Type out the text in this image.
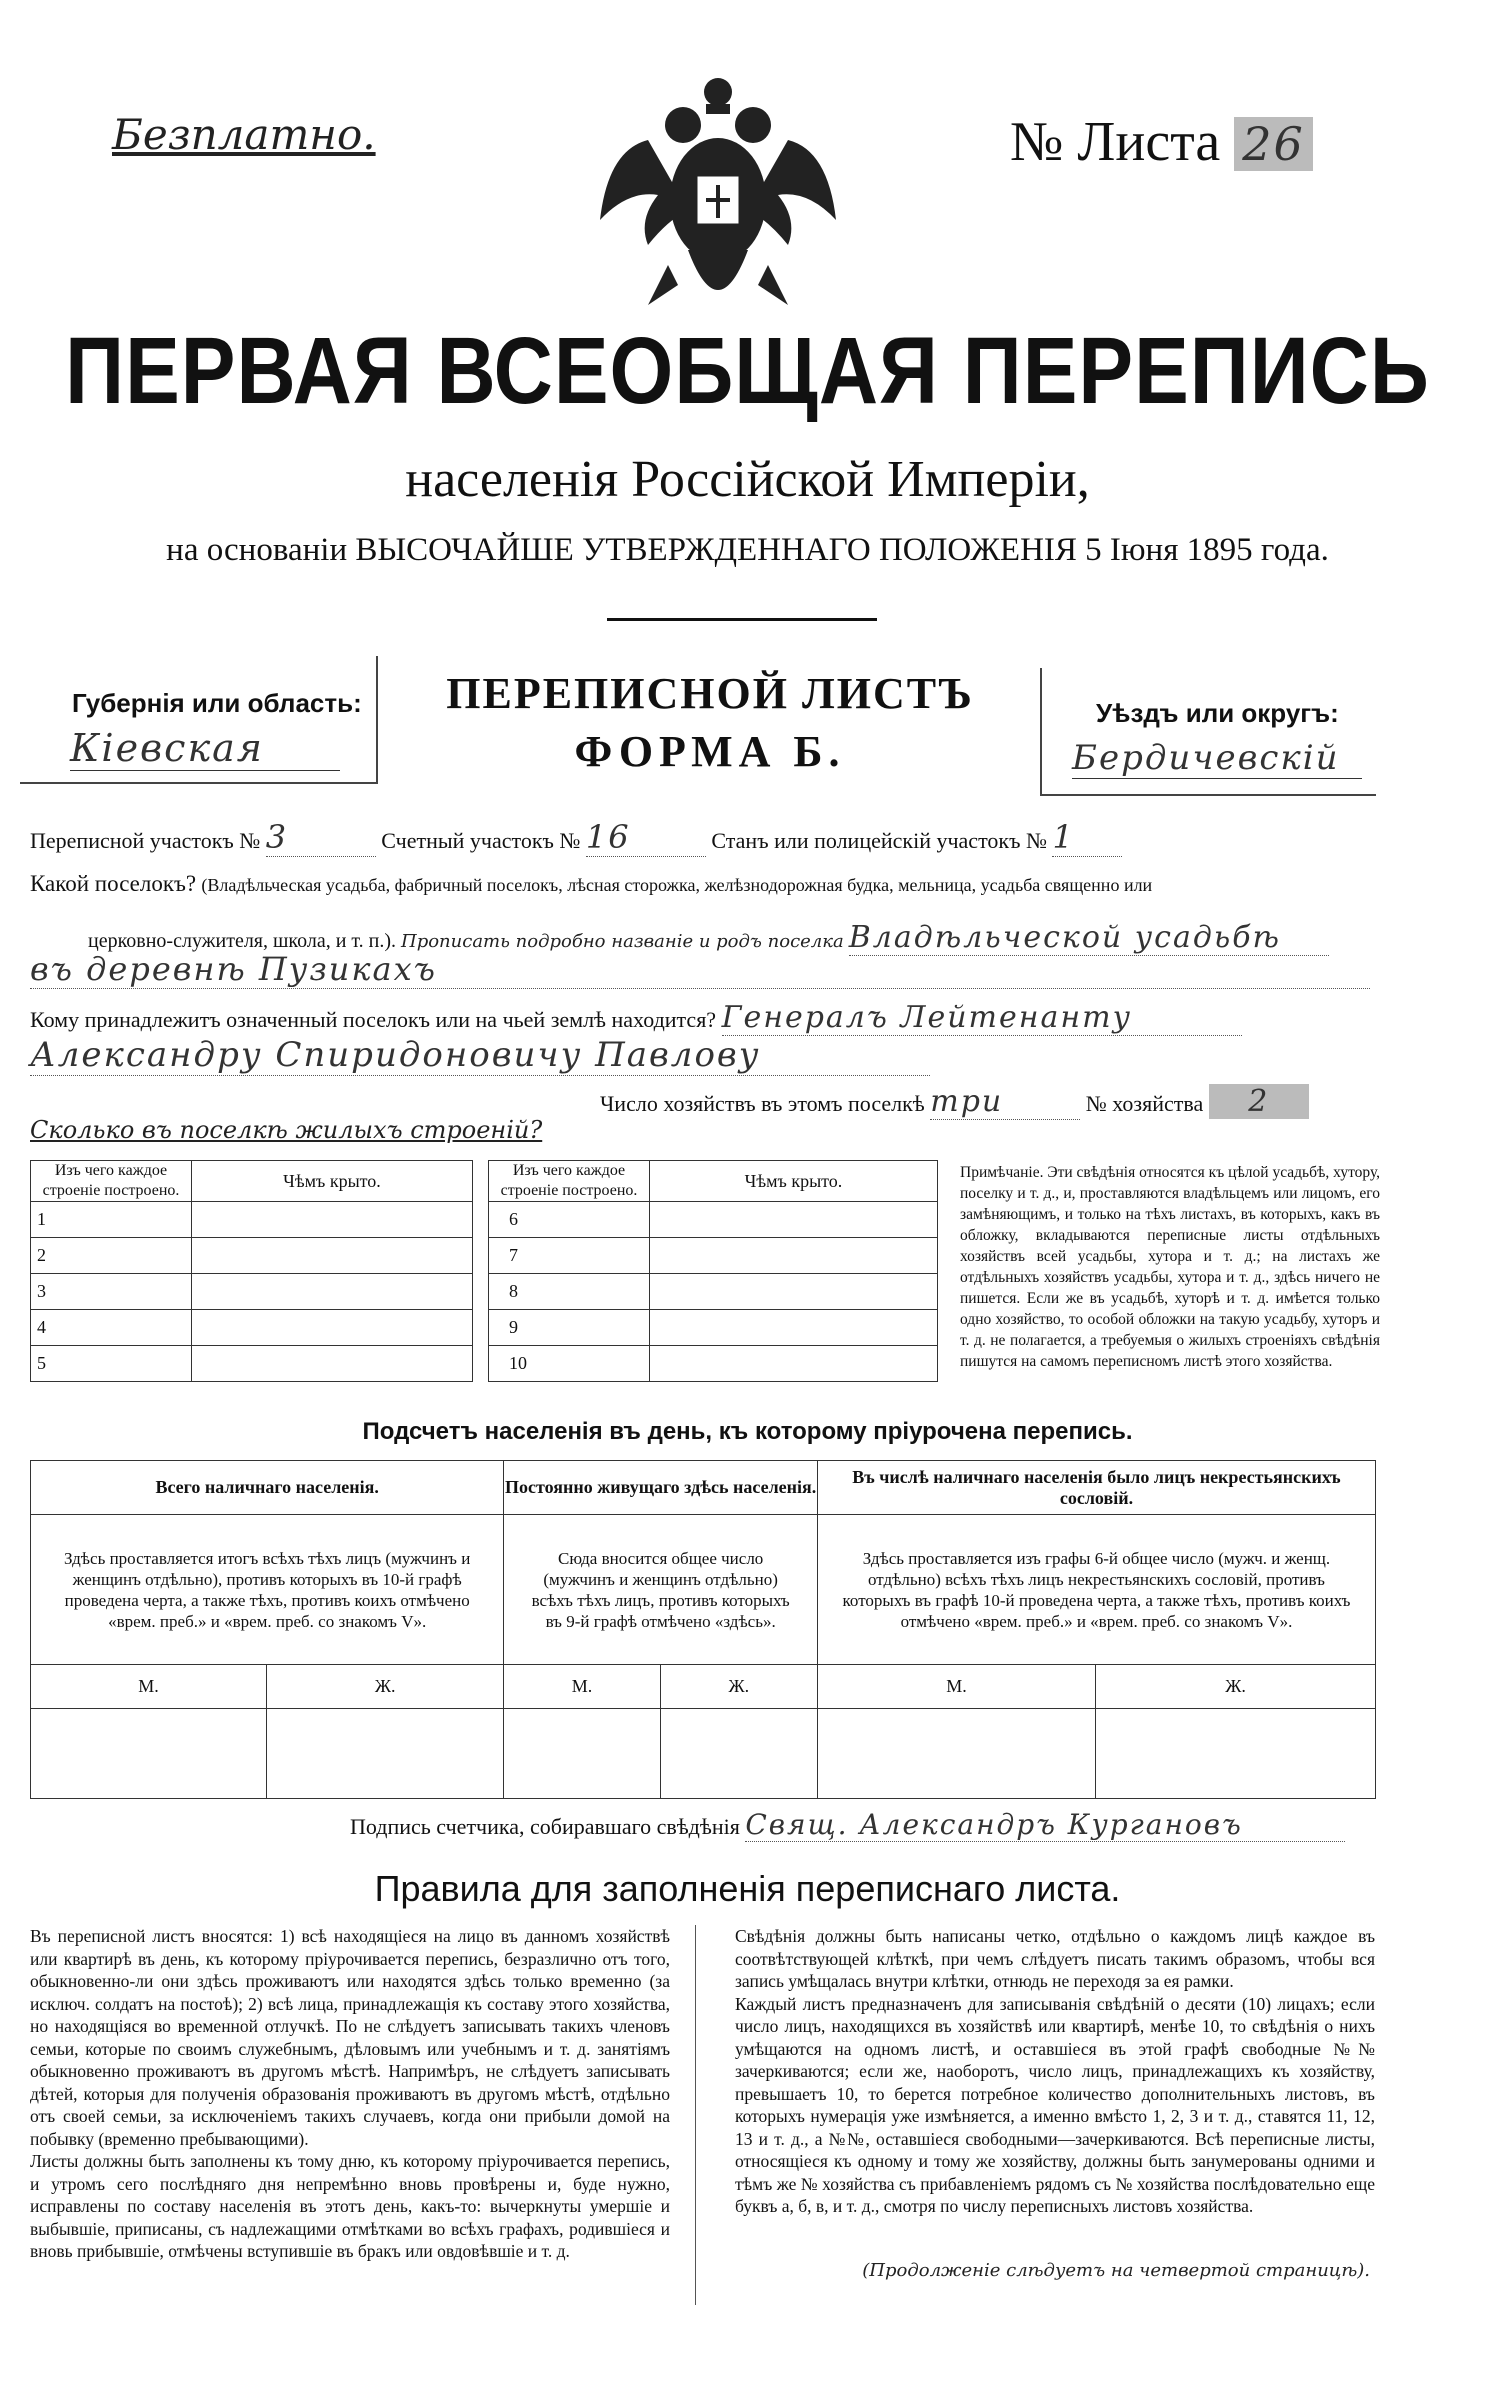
Безплатно.	№ Листа 26
ПЕРВАЯ ВСЕОБЩАЯ ПЕРЕПИСЬ
населенія Россійской Имперіи,
на основаніи ВЫСОЧАЙШЕ УТВЕРЖДЕННАГО ПОЛОЖЕНІЯ 5 Іюня 1895 года.
Губернія или область:
Кіевская
ПЕРЕПИСНОЙ ЛИСТЪ
ФОРМА Б.
Уѣздъ или округъ:
Бердичевскій
Переписной участокъ № 3	Счетный участокъ № 16	Станъ или полицейскій участокъ № 1
Какой поселокъ? (Владѣльческая усадьба, фабричный поселокъ, лѣсная сторожка, желѣзнодорожная будка, мельница, усадьба священно или
церковно-служителя, школа, и т. п.). Прописать подробно названіе и родъ поселка Владѣльческой усадьбѣ
въ деревнѣ Пузикахъ
Кому принадлежитъ означенный поселокъ или на чьей землѣ находится? Генералъ Лейтенанту
Александру Спиридоновичу Павлову
Число хозяйствъ въ этомъ поселкѣ три	№ хозяйства 2
Сколько въ поселкѣ жилыхъ строеній?
Изъ чего каждое строеніе построено.	Чѣмъ крыто.
1	
2	
3	
4	
5	
Изъ чего каждое строеніе построено.	Чѣмъ крыто.
6	
7	
8	
9	
10	
Примѣчаніе. Эти свѣдѣнія относятся къ цѣлой усадьбѣ, хутору, поселку и т. д., и, проставляются владѣльцемъ или лицомъ, его замѣняющимъ, и только на тѣхъ листахъ, въ которыхъ, какъ въ обложку, вкладываются переписные листы отдѣльныхъ хозяйствъ всей усадьбы, хутора и т. д.; на листахъ же отдѣльныхъ хозяйствъ усадьбы, хутора и т. д., здѣсь ничего не пишется. Если же въ усадьбѣ, хуторѣ и т. д. имѣется только одно хозяйство, то особой обложки на такую усадьбу, хуторъ и т. д. не полагается, а требуемыя о жилыхъ строеніяхъ свѣдѣнія пишутся на самомъ переписномъ листѣ этого хозяйства.
Подсчетъ населенія въ день, къ которому пріурочена перепись.
Всего наличнаго населенія.		Постоянно живущаго здѣсь населенія.		Въ числѣ наличнаго населенія было лицъ некрестьянскихъ сословій.	
Здѣсь проставляется итогъ всѣхъ тѣхъ лицъ (мужчинъ и женщинъ отдѣльно), противъ которыхъ въ 10-й графѣ проведена черта, а также тѣхъ, противъ коихъ отмѣчено «врем. преб.» и «врем. преб. со знакомъ V».		Сюда вносится общее число (мужчинъ и женщинъ отдѣльно) всѣхъ тѣхъ лицъ, противъ которыхъ въ 9-й графѣ отмѣчено «здѣсь».		Здѣсь проставляется изъ графы 6-й общее число (мужч. и женщ. отдѣльно) всѣхъ тѣхъ лицъ некрестьянскихъ сословій, противъ которыхъ въ графѣ 10-й проведена черта, а также тѣхъ, противъ коихъ отмѣчено «врем. преб.» и «врем. преб. со знакомъ V».	
М.	Ж.	М.	Ж.	М.	Ж.

Подпись счетчика, собиравшаго свѣдѣнія Свящ. Александръ Кургановъ
Правила для заполненія переписнаго листа.
Въ переписной листъ вносятся: 1) всѣ находящіеся на лицо въ данномъ хозяйствѣ или квартирѣ въ день, къ которому пріурочивается перепись, безразлично отъ того, обыкновенно-ли они здѣсь проживаютъ или находятся здѣсь только временно (за исключ. солдатъ на постоѣ); 2) всѣ лица, принадлежащія къ составу этого хозяйства, но находящіяся во временной отлучкѣ. По не слѣдуетъ записывать такихъ членовъ семьи, которые по своимъ служебнымъ, дѣловымъ или учебнымъ и т. д. занятіямъ обыкновенно проживаютъ въ другомъ мѣстѣ. Напримѣръ, не слѣдуетъ записывать дѣтей, которыя для полученія образованія проживаютъ въ другомъ мѣстѣ, отдѣльно отъ своей семьи, за исключеніемъ такихъ случаевъ, когда они прибыли домой на побывку (временно пребывающими).
Листы должны быть заполнены къ тому дню, къ которому пріурочивается перепись, и утромъ сего послѣдняго дня непремѣнно вновь провѣрены и, буде нужно, исправлены по составу населенія въ этотъ день, какъ-то: вычеркнуты умершіе и выбывшіе, приписаны, съ надлежащими отмѣтками во всѣхъ графахъ, родившіеся и вновь прибывшіе, отмѣчены вступившіе въ бракъ или овдовѣвшіе и т. д.
Свѣдѣнія должны быть написаны четко, отдѣльно о каждомъ лицѣ каждое въ соотвѣтствующей клѣткѣ, при чемъ слѣдуетъ писать такимъ образомъ, чтобы вся запись умѣщалась внутри клѣтки, отнюдь не переходя за ея рамки.
Каждый листъ предназначенъ для записыванія свѣдѣній о десяти (10) лицахъ; если число лицъ, находящихся въ хозяйствѣ или квартирѣ, менѣе 10, то свѣдѣнія о нихъ умѣщаются на одномъ листѣ, и оставшіеся въ этой графѣ свободные №№ зачеркиваются; если же, наоборотъ, число лицъ, принадлежащихъ къ хозяйству, превышаетъ 10, то берется потребное количество дополнительныхъ листовъ, въ которыхъ нумерація уже измѣняется, а именно вмѣсто 1, 2, 3 и т. д., ставятся 11, 12, 13 и т. д., а №№, оставшіеся свободными—зачеркиваются. Всѣ переписные листы, относящіеся къ одному и тому же хозяйству, должны быть занумерованы одними и тѣмъ же № хозяйства съ прибавленіемъ рядомъ съ № хозяйства послѣдовательно еще буквъ а, б, в, и т. д., смотря по числу переписныхъ листовъ хозяйства.
(Продолженіе слѣдуетъ на четвертой страницѣ).
